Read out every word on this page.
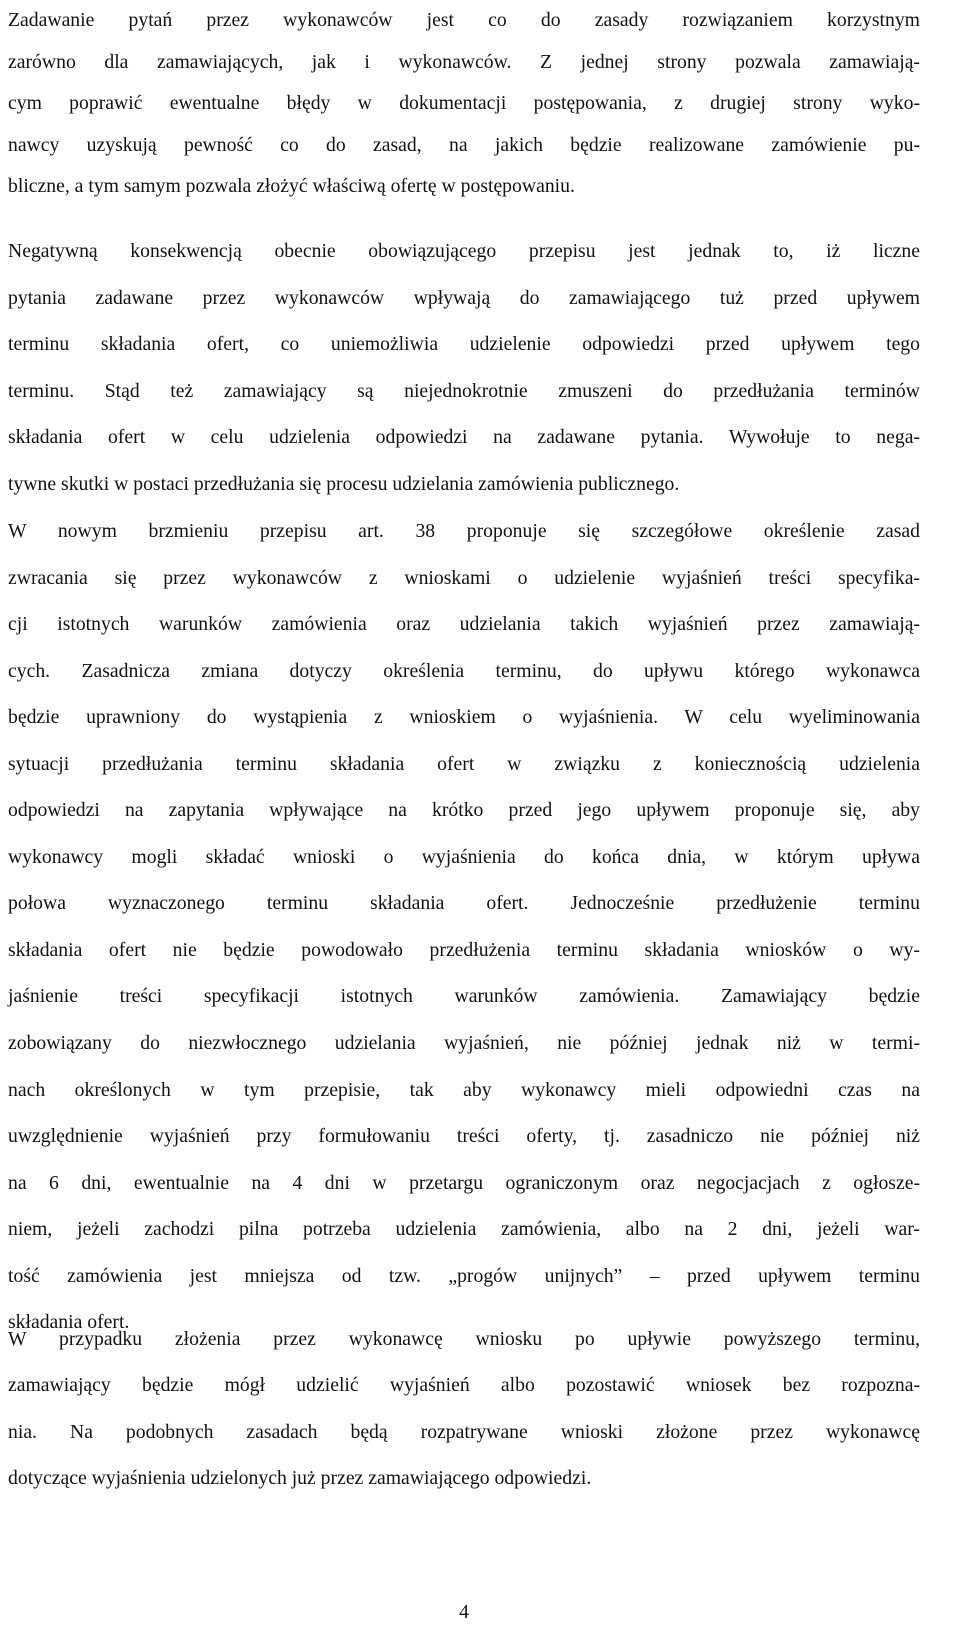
Zadawanie pytań przez wykonawców jest co do zasady rozwiązaniem korzystnym
zarówno dla zamawiających, jak i wykonawców. Z jednej strony pozwala zamawiają-
cym poprawić ewentualne błędy w dokumentacji postępowania, z drugiej strony wyko-
nawcy uzyskują pewność co do zasad, na jakich będzie realizowane zamówienie pu-
bliczne, a tym samym pozwala złożyć właściwą ofertę w postępowaniu.

Negatywną konsekwencją obecnie obowiązującego przepisu jest jednak to, iż liczne
pytania zadawane przez wykonawców wpływają do zamawiającego tuż przed upływem
terminu składania ofert, co uniemożliwia udzielenie odpowiedzi przed upływem tego
terminu. Stąd też zamawiający są niejednokrotnie zmuszeni do przedłużania terminów
składania ofert w celu udzielenia odpowiedzi na zadawane pytania. Wywołuje to nega-
tywne skutki w postaci przedłużania się procesu udzielania zamówienia publicznego.

W nowym brzmieniu przepisu art. 38 proponuje się szczegółowe określenie zasad
zwracania się przez wykonawców z wnioskami o udzielenie wyjaśnień treści specyfika-
cji istotnych warunków zamówienia oraz udzielania takich wyjaśnień przez zamawiają-
cych. Zasadnicza zmiana dotyczy określenia terminu, do upływu którego wykonawca
będzie uprawniony do wystąpienia z wnioskiem o wyjaśnienia. W celu wyeliminowania
sytuacji przedłużania terminu składania ofert w związku z koniecznością udzielenia
odpowiedzi na zapytania wpływające na krótko przed jego upływem proponuje się, aby
wykonawcy mogli składać wnioski o wyjaśnienia do końca dnia, w którym upływa
połowa wyznaczonego terminu składania ofert. Jednocześnie przedłużenie terminu
składania ofert nie będzie powodowało przedłużenia terminu składania wniosków o wy-
jaśnienie treści specyfikacji istotnych warunków zamówienia. Zamawiający będzie
zobowiązany do niezwłocznego udzielania wyjaśnień, nie później jednak niż w termi-
nach określonych w tym przepisie, tak aby wykonawcy mieli odpowiedni czas na
uwzględnienie wyjaśnień przy formułowaniu treści oferty, tj. zasadniczo nie później niż
na 6 dni, ewentualnie na 4 dni w przetargu ograniczonym oraz negocjacjach z ogłosze-
niem, jeżeli zachodzi pilna potrzeba udzielenia zamówienia, albo na 2 dni, jeżeli war-
tość zamówienia jest mniejsza od tzw. „progów unijnych” – przed upływem terminu
składania ofert.

W przypadku złożenia przez wykonawcę wniosku po upływie powyższego terminu,
zamawiający będzie mógł udzielić wyjaśnień albo pozostawić wniosek bez rozpozna-
nia. Na podobnych zasadach będą rozpatrywane wnioski złożone przez wykonawcę
dotyczące wyjaśnienia udzielonych już przez zamawiającego odpowiedzi.

4
